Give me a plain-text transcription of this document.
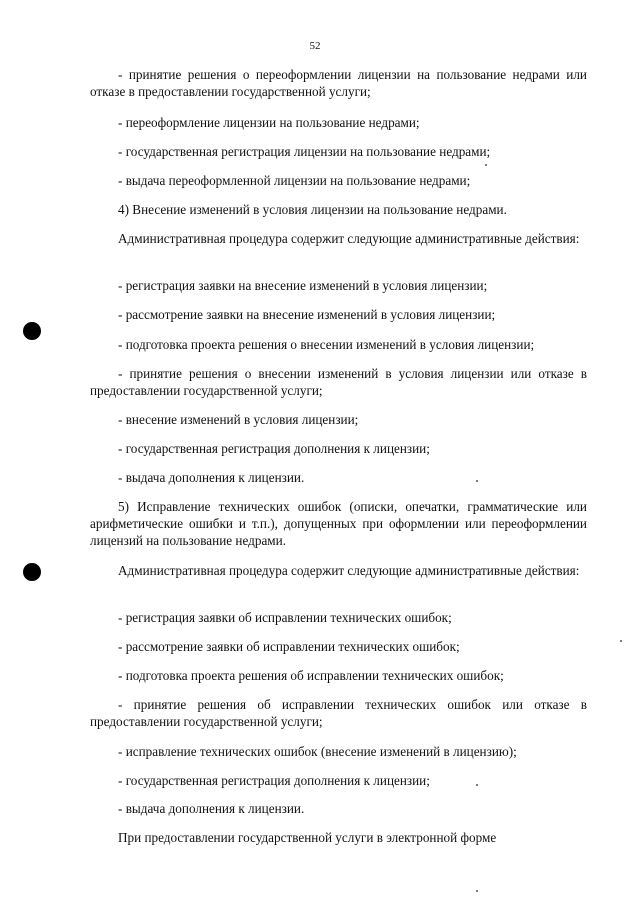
52

- принятие решения о переоформлении лицензии на пользование недрами или отказе в предоставлении государственной услуги;

- переоформление лицензии на пользование недрами;

- государственная регистрация лицензии на пользование недрами;

- выдача переоформленной лицензии на пользование недрами;

4) Внесение изменений в условия лицензии на пользование недрами.

Административная процедура содержит следующие административные действия:

- регистрация заявки на внесение изменений в условия лицензии;

- рассмотрение заявки на внесение изменений в условия лицензии;

- подготовка проекта решения о внесении изменений в условия лицензии;

- принятие решения о внесении изменений в условия лицензии или отказе в предоставлении государственной услуги;

- внесение изменений в условия лицензии;

- государственная регистрация дополнения к лицензии;

- выдача дополнения к лицензии.

5) Исправление технических ошибок (описки, опечатки, грамматические или арифметические ошибки и т.п.), допущенных при оформлении или переоформлении лицензий на пользование недрами.

Административная процедура содержит следующие административные действия:

- регистрация заявки об исправлении технических ошибок;

- рассмотрение заявки об исправлении технических ошибок;

- подготовка проекта решения об исправлении технических ошибок;

- принятие решения об исправлении технических ошибок или отказе в предоставлении государственной услуги;

- исправление технических ошибок (внесение изменений в лицензию);

- государственная регистрация дополнения к лицензии;

- выдача дополнения к лицензии.

При предоставлении государственной услуги в электронной форме
